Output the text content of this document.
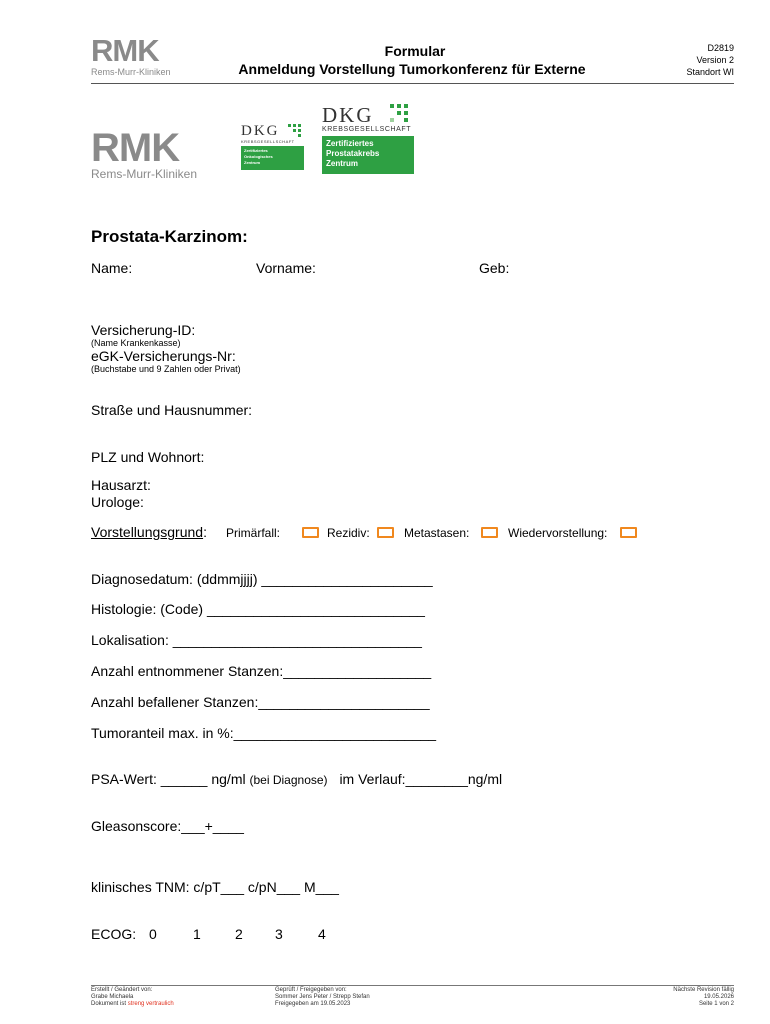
RMK
Rems-Murr-Kliniken
Formular
Anmeldung Vorstellung Tumorkonferenz für Externe
D2819
Version 2
Standort WI
RMK
Rems-Murr-Kliniken
DKG
KREBSGESELLSCHAFT
Zertifiziertes
Onkologisches
Zentrum
DKG
KREBSGESELLSCHAFT
Zertifiziertes
Prostatakrebs
Zentrum
Prostata-Karzinom:
Name:	Vorname:	Geb:
Versicherung-ID:
(Name Krankenkasse)
eGK-Versicherungs-Nr:
(Buchstabe und 9 Zahlen oder Privat)
Straße und Hausnummer:
PLZ und Wohnort:
Hausarzt:
Urologe:
Vorstellungsgrund: Primärfall:	Rezidiv:	Metastasen:	Wiedervorstellung:
Diagnosedatum: (ddmmjjjj) ______________________
Histologie: (Code) ____________________________
Lokalisation: ________________________________
Anzahl entnommener Stanzen:___________________
Anzahl befallener Stanzen:______________________
Tumoranteil max. in %:__________________________
PSA-Wert: ______ ng/ml (bei Diagnose) im Verlauf:________ng/ml
Gleasonscore:___+____
klinisches TNM: c/pT___ c/pN___ M___
ECOG: 0	1 2 3	4
Erstellt / Geändert von:
Grabe Michaela
Dokument ist streng vertraulich
Geprüft / Freigegeben von:
Sommer Jens Peter / Strepp Stefan
Freigegeben am 19.05.2023
Nächste Revision fällig
19.05.2026
Seite 1 von 2
